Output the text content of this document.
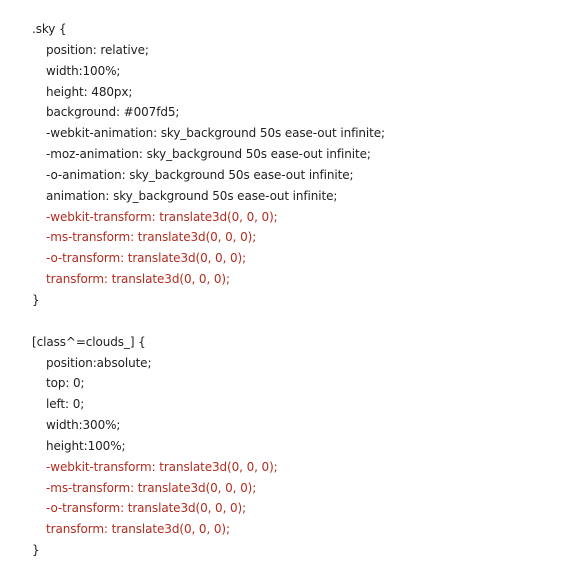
.sky {
position: relative;
width:100%;
height: 480px;
background: #007fd5;
-webkit-animation: sky_background 50s ease-out infinite;
-moz-animation: sky_background 50s ease-out infinite;
-o-animation: sky_background 50s ease-out infinite;
animation: sky_background 50s ease-out infinite;
-webkit-transform: translate3d(0, 0, 0);
-ms-transform: translate3d(0, 0, 0);
-o-transform: translate3d(0, 0, 0);
transform: translate3d(0, 0, 0);
}
[class^=clouds_] {
position:absolute;
top: 0;
left: 0;
width:300%;
height:100%;
-webkit-transform: translate3d(0, 0, 0);
-ms-transform: translate3d(0, 0, 0);
-o-transform: translate3d(0, 0, 0);
transform: translate3d(0, 0, 0);
}
